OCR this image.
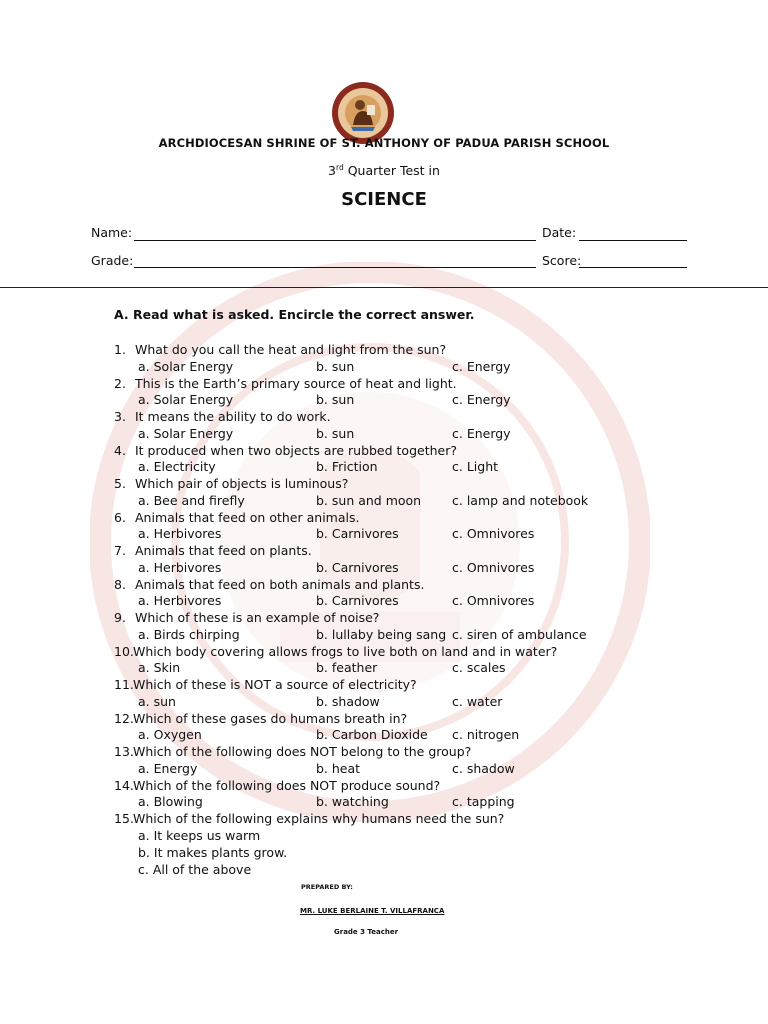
ARCHDIOCESAN SHRINE OF ST. ANTHONY OF PADUA PARISH SCHOOL
3rd Quarter Test in
SCIENCE
Name:	Date:
Grade:	Score:
A. Read what is asked. Encircle the correct answer.
1. What do you call the heat and light from the sun?
a. Solar Energy	b. sun	c. Energy
2. This is the Earth’s primary source of heat and light.
a. Solar Energy	b. sun	c. Energy
3. It means the ability to do work.
a. Solar Energy	b. sun	c. Energy
4. It produced when two objects are rubbed together?
a. Electricity	b. Friction	c. Light
5. Which pair of objects is luminous?
a. Bee and firefly	b. sun and moon c. lamp and notebook
6. Animals that feed on other animals.
a. Herbivores	b. Carnivores	c. Omnivores
7. Animals that feed on plants.
a. Herbivores	b. Carnivores	c. Omnivores
8. Animals that feed on both animals and plants.
a. Herbivores	b. Carnivores	c. Omnivores
9. Which of these is an example of noise?
a. Birds chirping	b. lullaby being sang c. siren of ambulance
10. Which body covering allows frogs to live both on land and in water?
a. Skin	b. feather	c. scales
11. Which of these is NOT a source of electricity?
a. sun	b. shadow	c. water
12. Which of these gases do humans breath in?
a. Oxygen	b. Carbon Dioxide c. nitrogen
13. Which of the following does NOT belong to the group?
a. Energy	b. heat	c. shadow
14. Which of the following does NOT produce sound?
a. Blowing	b. watching	c. tapping
15. Which of the following explains why humans need the sun?
a. It keeps us warm
b. It makes plants grow.
c. All of the above
PREPARED BY:
MR. LUKE BERLAINE T. VILLAFRANCA
Grade 3 Teacher
